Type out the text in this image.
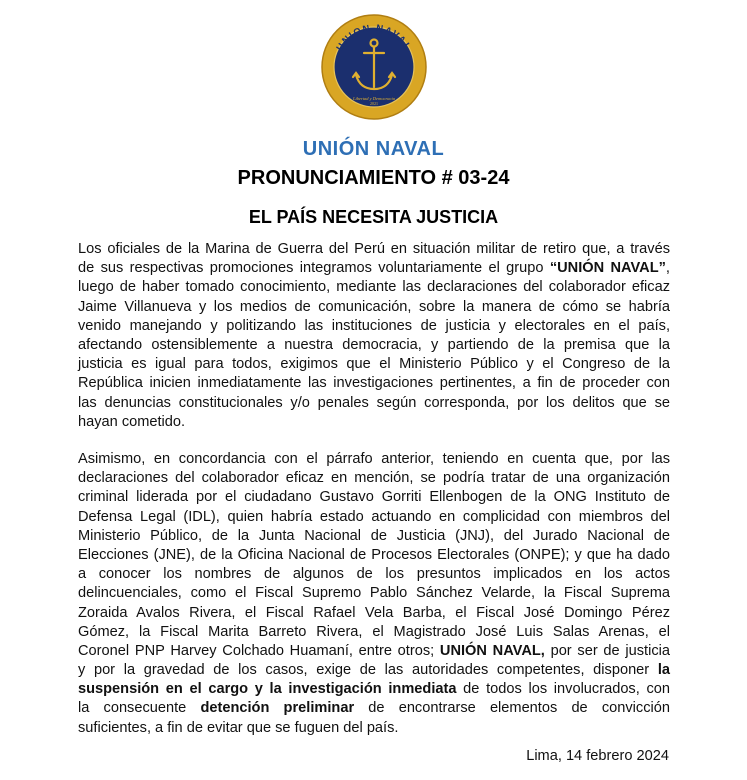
UNION NAVAL
Libertad y Democracia
2021
UNIÓN NAVAL
PRONUNCIAMIENTO # 03-24
EL PAÍS NECESITA JUSTICIA
Los oficiales de la Marina de Guerra del Perú en situación militar de retiro que, a través
de sus respectivas promociones integramos voluntariamente el grupo “UNIÓN NAVAL”,
luego de haber tomado conocimiento, mediante las declaraciones del colaborador eficaz
Jaime Villanueva y los medios de comunicación, sobre la manera de cómo se habría
venido manejando y politizando las instituciones de justicia y electorales en el país,
afectando ostensiblemente a nuestra democracia, y partiendo de la premisa que la
justicia es igual para todos, exigimos que el Ministerio Público y el Congreso de la
República inicien inmediatamente las investigaciones pertinentes, a fin de proceder con
las denuncias constitucionales y/o penales según corresponda, por los delitos que se
hayan cometido.
Asimismo, en concordancia con el párrafo anterior, teniendo en cuenta que, por las
declaraciones del colaborador eficaz en mención, se podría tratar de una organización
criminal liderada por el ciudadano Gustavo Gorriti Ellenbogen de la ONG Instituto de
Defensa Legal (IDL), quien habría estado actuando en complicidad con miembros del
Ministerio Público, de la Junta Nacional de Justicia (JNJ), del Jurado Nacional de
Elecciones (JNE), de la Oficina Nacional de Procesos Electorales (ONPE); y que ha dado
a conocer los nombres de algunos de los presuntos implicados en los actos
delincuenciales, como el Fiscal Supremo Pablo Sánchez Velarde, la Fiscal Suprema
Zoraida Avalos Rivera, el Fiscal Rafael Vela Barba, el Fiscal José Domingo Pérez
Gómez, la Fiscal Marita Barreto Rivera, el Magistrado José Luis Salas Arenas, el
Coronel PNP Harvey Colchado Huamaní, entre otros; UNIÓN NAVAL, por ser de justicia
y por la gravedad de los casos, exige de las autoridades competentes, disponer la
suspensión en el cargo y la investigación inmediata de todos los involucrados, con
la consecuente detención preliminar de encontrarse elementos de convicción
suficientes, a fin de evitar que se fuguen del país.
Lima, 14 febrero 2024
